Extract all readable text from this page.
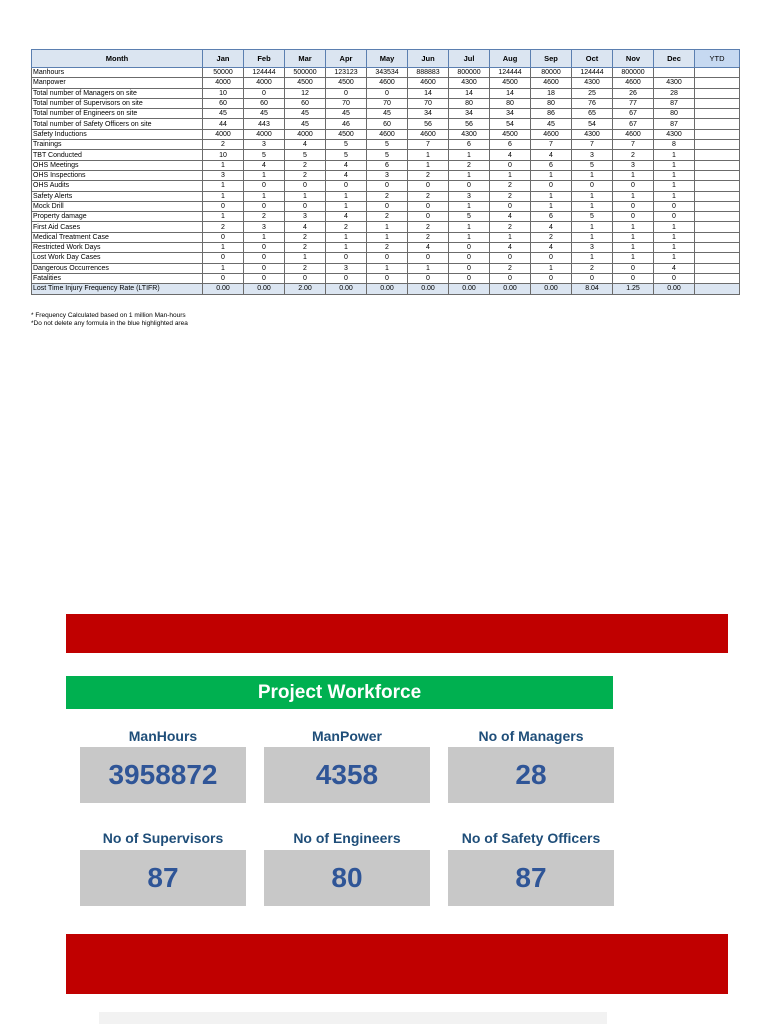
Month	Jan	Feb	Mar	Apr	May	Jun	Jul	Aug	Sep	Oct	Nov	Dec	YTD	
Manhours	50000	124444	500000	123123	343534	888883	800000	124444	80000	124444	800000			
Manpower	4000	4000	4500	4500	4600	4600	4300	4500	4600	4300	4600	4300		
Total number of Managers on site	10	0	12	0	0	14	14	14	18	25	26	28		
Total number of Supervisors on site	60	60	60	70	70	70	80	80	80	76	77	87		
Total number of Engineers on site	45	45	45	45	45	34	34	34	86	65	67	80		
Total number of Safety Officers on site	44	443	45	46	60	56	56	54	45	54	67	87		
Safety Inductions	4000	4000	4000	4500	4600	4600	4300	4500	4600	4300	4600	4300		
Trainings	2	3	4	5	5	7	6	6	7	7	7	8		
TBT Conducted	10	5	5	5	5	1	1	4	4	3	2	1		
OHS Meetings	1	4	2	4	6	1	2	0	6	5	3	1		
OHS Inspections	3	1	2	4	3	2	1	1	1	1	1	1		
OHS Audits	1	0	0	0	0	0	0	2	0	0	0	1		
Safety Alerts	1	1	1	1	2	2	3	2	1	1	1	1		
Mock Drill	0	0	0	1	0	0	1	0	1	1	0	0		
Property damage	1	2	3	4	2	0	5	4	6	5	0	0		
First Aid Cases	2	3	4	2	1	2	1	2	4	1	1	1		
Medical Treatment Case	0	1	2	1	1	2	1	1	2	1	1	1		
Restricted Work Days	1	0	2	1	2	4	0	4	4	3	1	1		
Lost Work Day Cases	0	0	1	0	0	0	0	0	0	1	1	1		
Dangerous Occurrences	1	0	2	3	1	1	0	2	1	2	0	4		
Fatalities	0	0	0	0	0	0	0	0	0	0	0	0		
Lost Time Injury Frequency Rate (LTIFR)	0.00	0.00	2.00	0.00	0.00	0.00	0.00	0.00	0.00	8.04	1.25	0.00		
* Frequency Calculated based on 1 million Man-hours
*Do not delete any formula in the blue highlighted area
Project Workforce
ManHours
3958872
ManPower
4358
No of Managers
28
No of Supervisors
87
No of Engineers
80
No of Safety Officers
87
